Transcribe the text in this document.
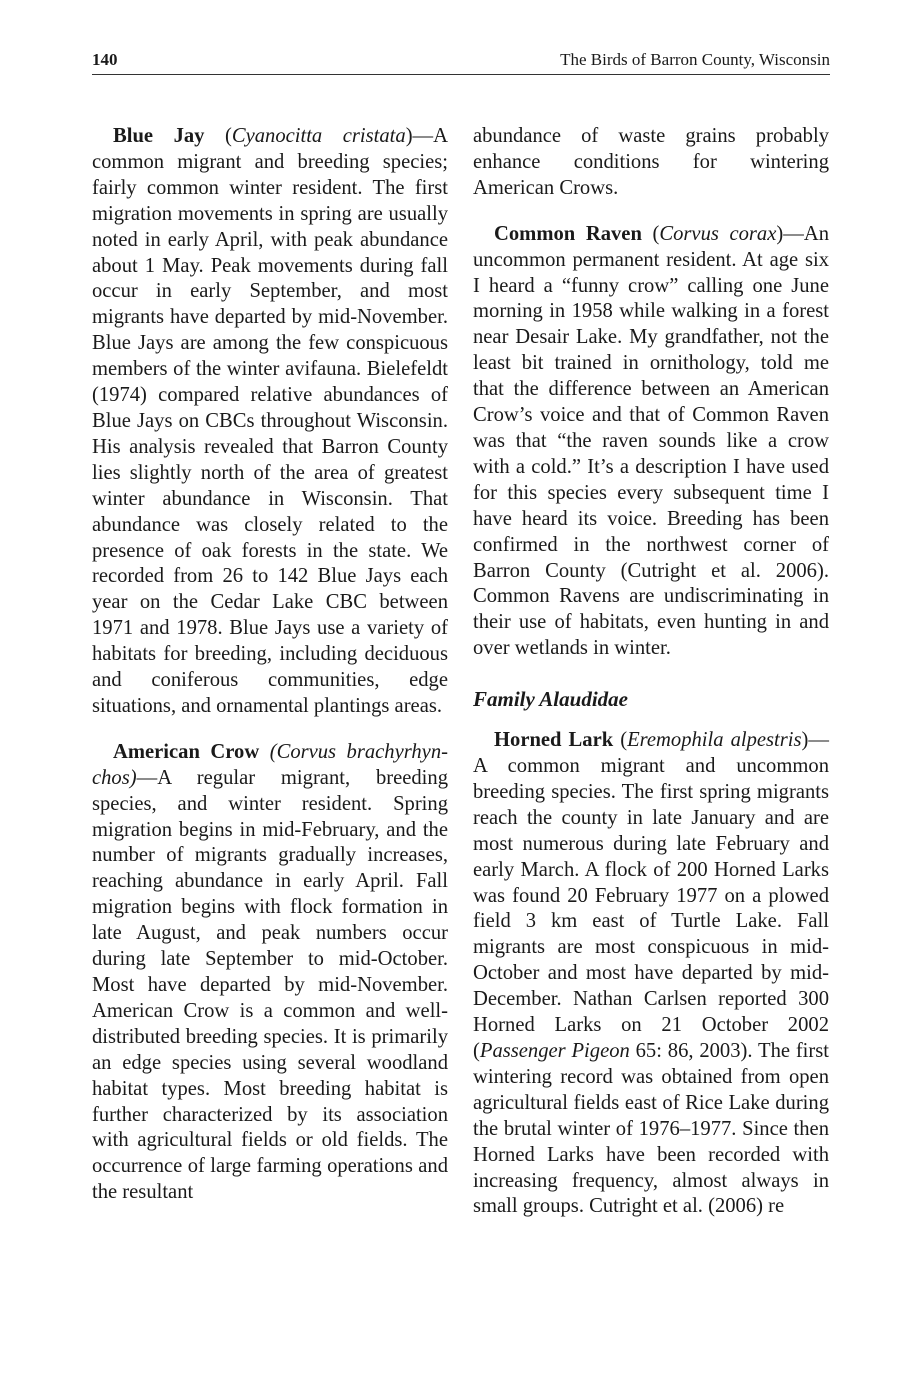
140	The Birds of Barron County, Wisconsin

Blue Jay (Cyanocitta cristata)—A common migrant and breeding species; fairly common winter resident. The first migration movements in spring are usually noted in early April, with peak abundance about 1 May. Peak movements during fall occur in early September, and most migrants have departed by mid-November. Blue Jays are among the few conspicuous members of the winter avifauna. Bielefeldt (1974) compared relative abundances of Blue Jays on CBCs throughout Wisconsin. His analysis revealed that Barron County lies slightly north of the area of greatest winter abundance in Wisconsin. That abundance was closely related to the presence of oak forests in the state. We recorded from 26 to 142 Blue Jays each year on the Cedar Lake CBC between 1971 and 1978. Blue Jays use a variety of habitats for breeding, including deciduous and coniferous communities, edge situations, and ornamental plantings areas.

American Crow (Corvus brachyrhynchos)—A regular migrant, breeding species, and winter resident. Spring migration begins in mid-February, and the number of migrants gradually increases, reaching abundance in early April. Fall migration begins with flock formation in late August, and peak numbers occur during late September to mid-October. Most have departed by mid-November. American Crow is a common and well-distributed breeding species. It is primarily an edge species using several woodland habitat types. Most breeding habitat is further characterized by its association with agricultural fields or old fields. The occurrence of large farming operations and the resultant

abundance of waste grains probably enhance conditions for wintering American Crows.

Common Raven (Corvus corax)—An uncommon permanent resident. At age six I heard a “funny crow” calling one June morning in 1958 while walking in a forest near Desair Lake. My grandfather, not the least bit trained in ornithology, told me that the difference between an American Crow’s voice and that of Common Raven was that “the raven sounds like a crow with a cold.” It’s a description I have used for this species every subsequent time I have heard its voice. Breeding has been confirmed in the northwest corner of Barron County (Cutright et al. 2006). Common Ravens are undiscriminating in their use of habitats, even hunting in and over wetlands in winter.

Family Alaudidae

Horned Lark (Eremophila alpestris)— A common migrant and uncommon breeding species. The first spring migrants reach the county in late January and are most numerous during late February and early March. A flock of 200 Horned Larks was found 20 February 1977 on a plowed field 3 km east of Turtle Lake. Fall migrants are most conspicuous in mid-October and most have departed by mid-December. Nathan Carlsen reported 300 Horned Larks on 21 October 2002 (Passenger Pigeon 65: 86, 2003). The first wintering record was obtained from open agricultural fields east of Rice Lake during the brutal winter of 1976–1977. Since then Horned Larks have been recorded with increasing frequency, almost always in small groups. Cutright et al. (2006) re
